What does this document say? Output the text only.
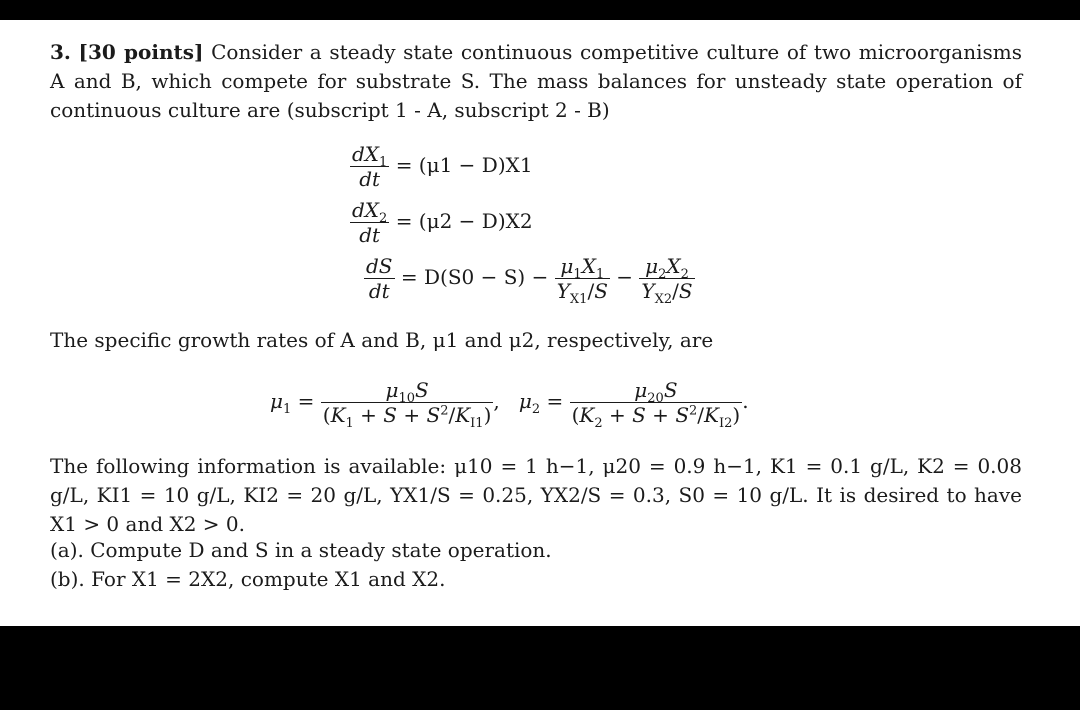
3. [30 points] Consider a steady state continuous competitive culture of two microorganisms A and B, which compete for substrate S. The mass balances for unsteady state operation of continuous culture are (subscript 1 - A, subscript 2 - B)
$\frac{dX_1}{dt} = (\mu 1 - D)X1$
$\frac{dX_2}{dt} = (\mu 2 - D)X2$
$\frac{dS}{dt} = D(S0 - S) - \frac{\mu_1X_1}{Y_{X1}/S} - \frac{\mu_2X_2}{Y_{X2}/S}$
The specific growth rates of A and B, μ1 and μ2, respectively, are
$\mu_1 = \frac{\mu_{10}S}{(K_1 + S + S^2/K_{I1})}$ ,   $\mu_2 = \frac{\mu_{20}S}{(K_2 + S + S^2/K_{I2})}$ .
The following information is available: μ10 = 1 h−1, μ20 = 0.9 h−1, K1 = 0.1 g/L, K2 = 0.08 g/L, KI1 = 10 g/L, KI2 = 20 g/L, YX1/S = 0.25, YX2/S = 0.3, S0 = 10 g/L. It is desired to have X1 > 0 and X2 > 0.
(a). Compute D and S in a steady state operation.
(b). For X1 = 2X2, compute X1 and X2.
